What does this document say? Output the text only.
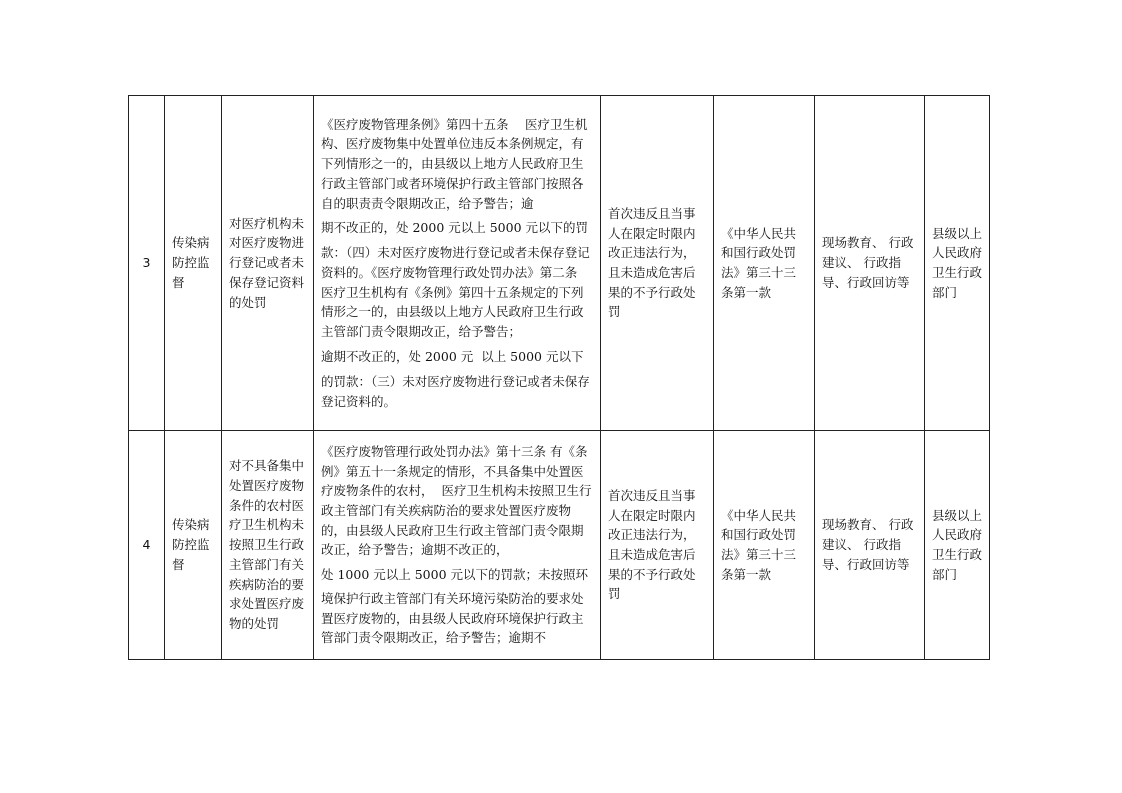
3	传染病防控监督	对医疗机构未对医疗废物进行登记或者未保存登记资料的处罚	《医疗废物管理条例》第四十五条　 医疗卫生机构、医疗废物集中处置单位违反本条例规定，有下列情形之一的，由县级以上地方人民政府卫生行政主管部门或者环境保护行政主管部门按照各自的职责责令限期改正，给予警告；逾
期不改正的，处 2000 元以上 5000 元以下的罚
款：（四）未对医疗废物进行登记或者未保存登记资料的。《医疗废物管理行政处罚办法》第二条 医疗卫生机构有《条例》第四十五条规定的下列情形之一的，由县级以上地方人民政府卫生行政主管部门责令限期改正，给予警告；
逾期不改正的，处 2000 元  以上 5000 元以下
的罚款：（三）未对医疗废物进行登记或者未保存登记资料的。	首次违反且当事人在限定时限内改正违法行为，且未造成危害后果的不予行政处罚	《中华人民共和国行政处罚法》第三十三条第一款	现场教育、 行政建议、 行政指导、行政回访等	县级以上人民政府卫生行政部门
4	传染病防控监督	对不具备集中处置医疗废物条件的农村医疗卫生机构未按照卫生行政主管部门有关疾病防治的要求处置医疗废物的处罚	《医疗废物管理行政处罚办法》第十三条 有《条例》第五十一条规定的情形，不具备集中处置医疗废物条件的农村，  医疗卫生机构未按照卫生行政主管部门有关疾病防治的要求处置医疗废物的，由县级人民政府卫生行政主管部门责令限期改正，给予警告；逾期不改正的，
处 1000 元以上 5000 元以下的罚款；未按照环
境保护行政主管部门有关环境污染防治的要求处置医疗废物的，由县级人民政府环境保护行政主管部门责令限期改正，给予警告；逾期不	首次违反且当事人在限定时限内改正违法行为，且未造成危害后果的不予行政处罚	《中华人民共和国行政处罚法》第三十三条第一款	现场教育、 行政建议、 行政指导、行政回访等	县级以上人民政府卫生行政部门
